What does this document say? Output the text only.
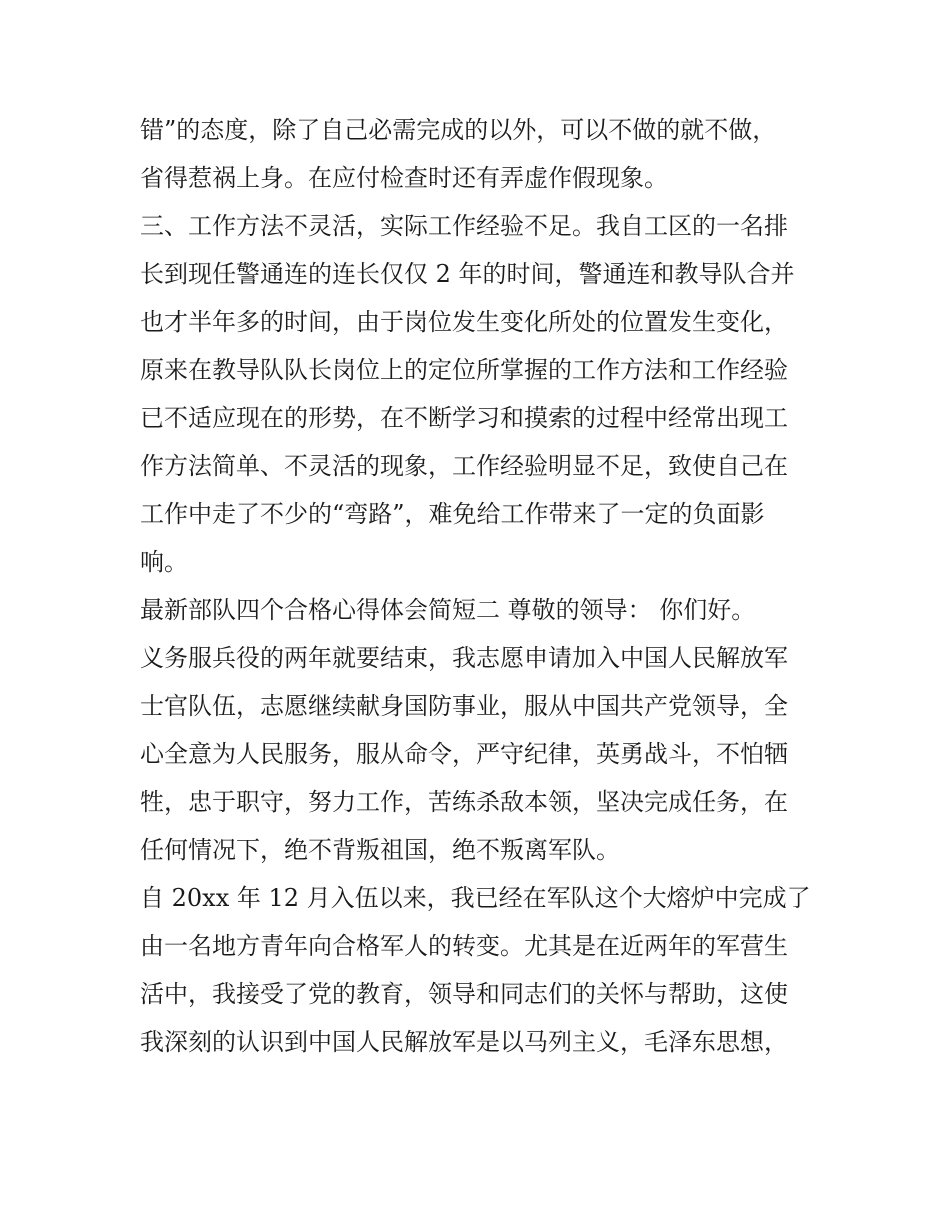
错”的态度，除了自己必需完成的以外，可以不做的就不做，
省得惹祸上身。在应付检查时还有弄虚作假现象。
三、工作方法不灵活，实际工作经验不足。我自工区的一名排
长到现任警通连的连长仅仅 2 年的时间，警通连和教导队合并
也才半年多的时间，由于岗位发生变化所处的位置发生变化，
原来在教导队队长岗位上的定位所掌握的工作方法和工作经验
已不适应现在的形势，在不断学习和摸索的过程中经常出现工
作方法简单、不灵活的现象，工作经验明显不足，致使自己在
工作中走了不少的“弯路”，难免给工作带来了一定的负面影
响。
最新部队四个合格心得体会简短二 尊敬的领导： 你们好。
义务服兵役的两年就要结束，我志愿申请加入中国人民解放军
士官队伍，志愿继续献身国防事业，服从中国共产党领导，全
心全意为人民服务，服从命令，严守纪律，英勇战斗，不怕牺
牲，忠于职守，努力工作，苦练杀敌本领，坚决完成任务，在
任何情况下，绝不背叛祖国，绝不叛离军队。
自 20xx 年 12 月入伍以来，我已经在军队这个大熔炉中完成了
由一名地方青年向合格军人的转变。尤其是在近两年的军营生
活中，我接受了党的教育，领导和同志们的关怀与帮助，这使
我深刻的认识到中国人民解放军是以马列主义，毛泽东思想，
